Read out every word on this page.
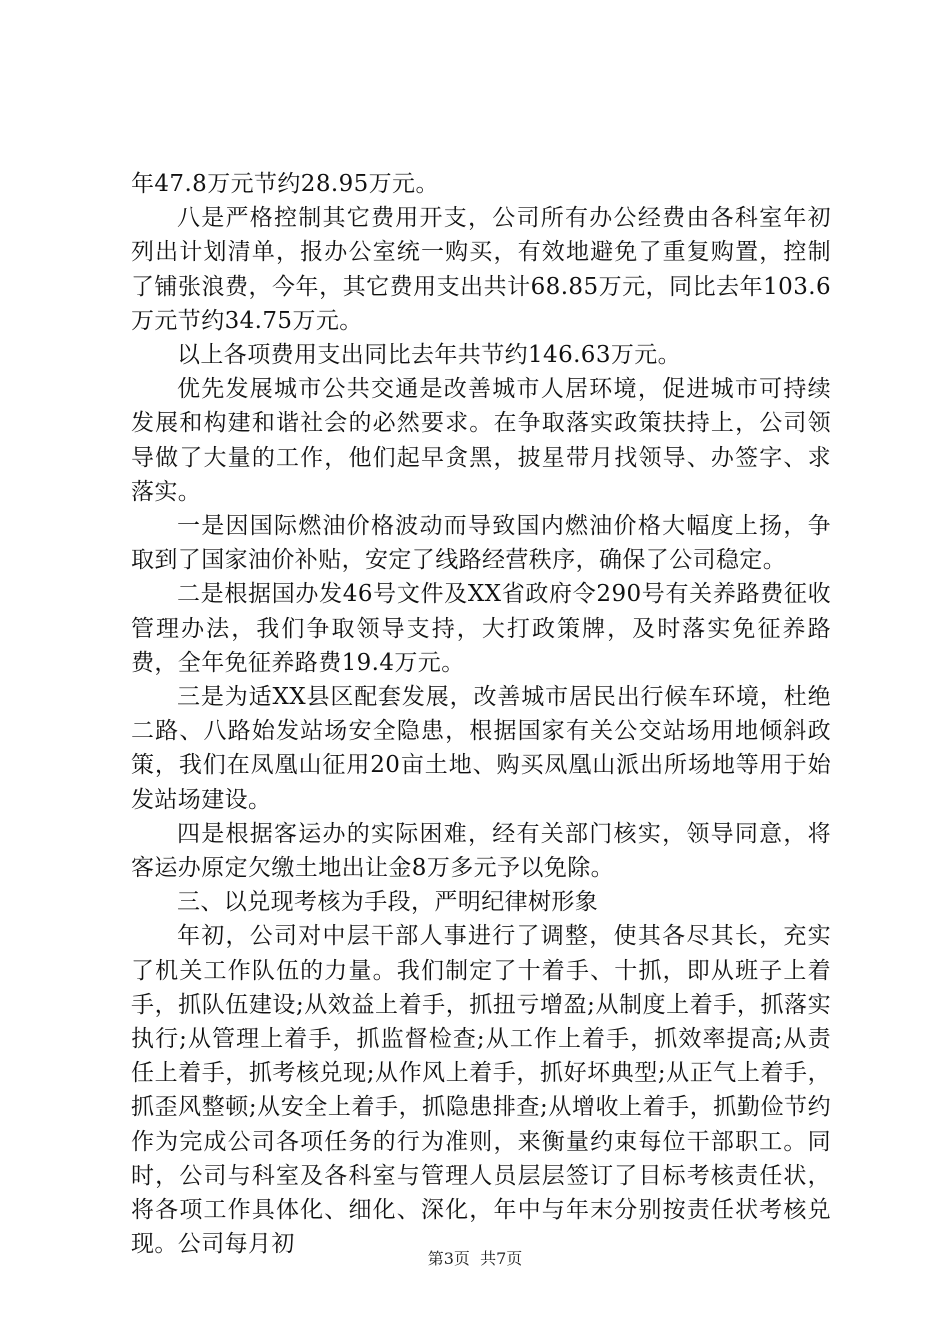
年47.8万元节约28.95万元。

八是严格控制其它费用开支，公司所有办公经费由各科室年初列出计划清单，报办公室统一购买，有效地避免了重复购置，控制了铺张浪费，今年，其它费用支出共计68.85万元，同比去年103.6万元节约34.75万元。

以上各项费用支出同比去年共节约146.63万元。

优先发展城市公共交通是改善城市人居环境，促进城市可持续发展和构建和谐社会的必然要求。在争取落实政策扶持上，公司领导做了大量的工作，他们起早贪黑，披星带月找领导、办签字、求落实。

一是因国际燃油价格波动而导致国内燃油价格大幅度上扬，争取到了国家油价补贴，安定了线路经营秩序，确保了公司稳定。

二是根据国办发46号文件及XX省政府令290号有关养路费征收管理办法，我们争取领导支持，大打政策牌，及时落实免征养路费，全年免征养路费19.4万元。

三是为适XX县区配套发展，改善城市居民出行候车环境，杜绝二路、八路始发站场安全隐患，根据国家有关公交站场用地倾斜政策，我们在凤凰山征用20亩土地、购买凤凰山派出所场地等用于始发站场建设。

四是根据客运办的实际困难，经有关部门核实，领导同意，将客运办原定欠缴土地出让金8万多元予以免除。

三、以兑现考核为手段，严明纪律树形象

年初，公司对中层干部人事进行了调整，使其各尽其长，充实了机关工作队伍的力量。我们制定了十着手、十抓，即从班子上着手，抓队伍建设;从效益上着手，抓扭亏增盈;从制度上着手，抓落实执行;从管理上着手，抓监督检查;从工作上着手，抓效率提高;从责任上着手，抓考核兑现;从作风上着手，抓好坏典型;从正气上着手，抓歪风整顿;从安全上着手，抓隐患排查;从增收上着手，抓勤俭节约作为完成公司各项任务的行为准则，来衡量约束每位干部职工。同时，公司与科室及各科室与管理人员层层签订了目标考核责任状，将各项工作具体化、细化、深化，年中与年末分别按责任状考核兑现。公司每月初

第3页  共7页
